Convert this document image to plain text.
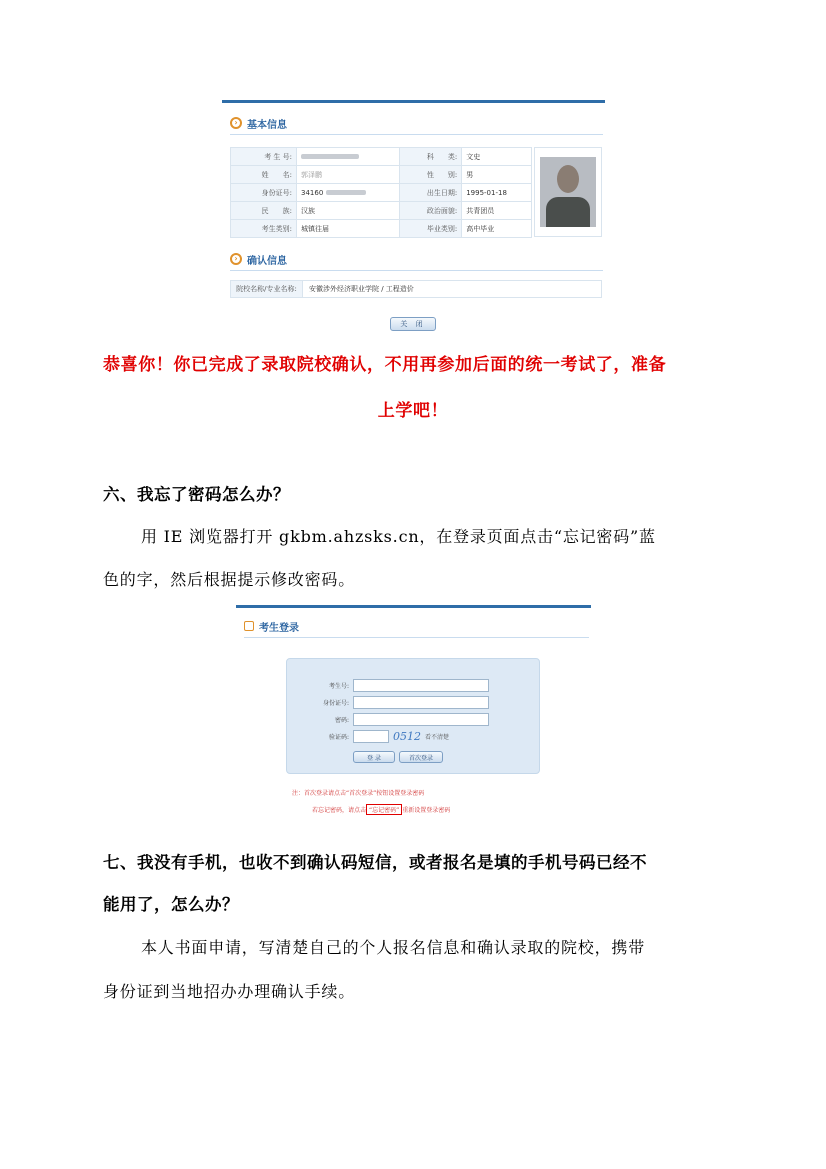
› 基本信息
考 生 号:		科　　类:	文史
姓　　名:	郭泽鹏	性　　别:	男
身份证号:	34160	出生日期:	1995-01-18
民　　族:	汉族	政治面貌:	共青团员
考生类别:	城镇往届	毕业类别:	高中毕业
› 确认信息
院校名称/专业名称:	安徽涉外经济职业学院 / 工程造价
关 闭
恭喜你！你已完成了录取院校确认，不用再参加后面的统一考试了，准备
上学吧！
六、我忘了密码怎么办？
用 IE 浏览器打开 gkbm.ahzsks.cn，在登录页面点击“忘记密码”蓝
色的字，然后根据提示修改密码。
考生登录
考生号:
身份证号:
密码:
验证码:	0512 看不清楚
登 录	首次登录
注：首次登录请点击“首次登录”按钮设置登录密码
若忘记密码，请点击 “忘记密码” 重新设置登录密码
七、我没有手机，也收不到确认码短信，或者报名是填的手机号码已经不
能用了，怎么办？
本人书面申请，写清楚自己的个人报名信息和确认录取的院校，携带
身份证到当地招办办理确认手续。
